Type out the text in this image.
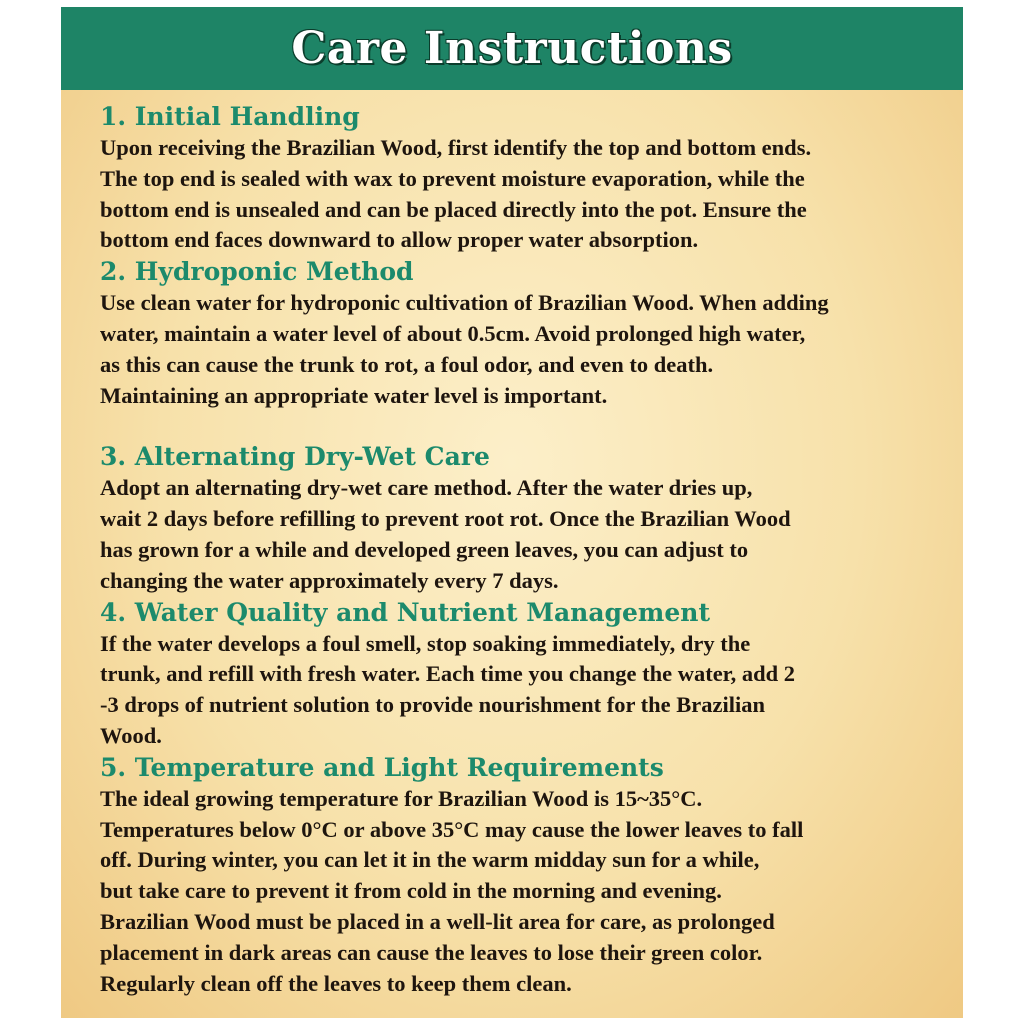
Care Instructions

1. Initial Handling

Upon receiving the Brazilian Wood, first identify the top and bottom ends.
The top end is sealed with wax to prevent moisture evaporation, while the
bottom end is unsealed and can be placed directly into the pot. Ensure the
bottom end faces downward to allow proper water absorption.

2. Hydroponic Method

Use clean water for hydroponic cultivation of Brazilian Wood. When adding
water, maintain a water level of about 0.5cm. Avoid prolonged high water,
as this can cause the trunk to rot, a foul odor, and even to death.
Maintaining an appropriate water level is important.

3. Alternating Dry-Wet Care

Adopt an alternating dry-wet care method. After the water dries up,
wait 2 days before refilling to prevent root rot. Once the Brazilian Wood
has grown for a while and developed green leaves, you can adjust to
changing the water approximately every 7 days.

4. Water Quality and Nutrient Management

If the water develops a foul smell, stop soaking immediately, dry the
trunk, and refill with fresh water. Each time you change the water, add 2
-3 drops of nutrient solution to provide nourishment for the Brazilian
Wood.

5. Temperature and Light Requirements

The ideal growing temperature for Brazilian Wood is 15~35°C.
Temperatures below 0°C or above 35°C may cause the lower leaves to fall
off. During winter, you can let it in the warm midday sun for a while,
but take care to prevent it from cold in the morning and evening.
Brazilian Wood must be placed in a well-lit area for care, as prolonged
placement in dark areas can cause the leaves to lose their green color.
Regularly clean off the leaves to keep them clean.
